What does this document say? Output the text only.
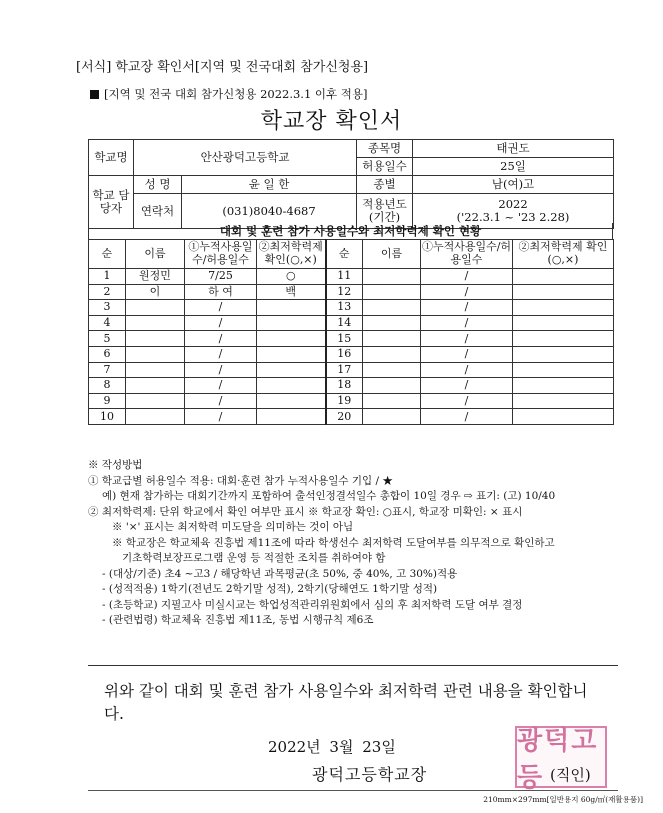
[서식] 학교장 확인서[지역 및 전국대회 참가신청용]
[지역 및 전국 대회 참가신청용 2022.3.1 이후 적용]
학교장 확인서
학교명	안산광덕고등학교		종목명	태권도
			허용일수	25일
학교 담당자	성 명	윤 일 한	종별	남(여)고
	연락처	(031)8040-4687	적용년도 (기간)	2022
('22.3.1 ~ '23 2.28)
대회 및 훈련 참가 사용일수와 최저학력제 확인 현황
순	이름	①누적사용일수/허용일수	②최저학력제 확인(○,×)	순	이름	①누적사용일수/허용일수	②최저학력제 확인(○,×)
1	원정민	7/25	○	11		/	
2	이	하 여	백	12		/	
3		/		13		/	
4		/		14		/	
5		/		15		/	
6		/		16		/	
7		/		17		/	
8		/		18		/	
9		/		19		/	
10		/		20		/	
※ 작성방법
① 학교급별 허용일수 적용: 대회·훈련 참가 누적사용일수 기입 / ★
예) 현재 참가하는 대회기간까지 포함하여 출석인정결석일수 총합이 10일 경우 ⇨ 표기: (고) 10/40
② 최저학력제: 단위 학교에서 확인 여부만 표시 ※ 학교장 확인: ○표시, 학교장 미확인: × 표시
※ '×' 표시는 최저학력 미도달을 의미하는 것이 아님
※ 학교장은 학교체육 진흥법 제11조에 따라 학생선수 최저학력 도달여부를 의무적으로 확인하고
기초학력보장프로그램 운영 등 적절한 조치를 취하여야 함
- (대상/기준) 초4 ~고3 / 해당학년 과목평균(초 50%, 중 40%, 고 30%)적용
- (성적적용) 1학기(전년도 2학기말 성적), 2학기(당해연도 1학기말 성적)
- (초등학교) 지필고사 미실시교는 학업성적관리위원회에서 심의 후 최저학력 도달 여부 결정
- (관련법령) 학교체육 진흥법 제11조, 동법 시행규칙 제6조
위와 같이 대회 및 훈련 참가 사용일수와 최저학력 관련 내용을 확인합니다.
2022년 3월 23일	광덕고등
광덕고등학교장	(직인)
210mm×297mm[일반용지 60g/㎡(재활용품)]
